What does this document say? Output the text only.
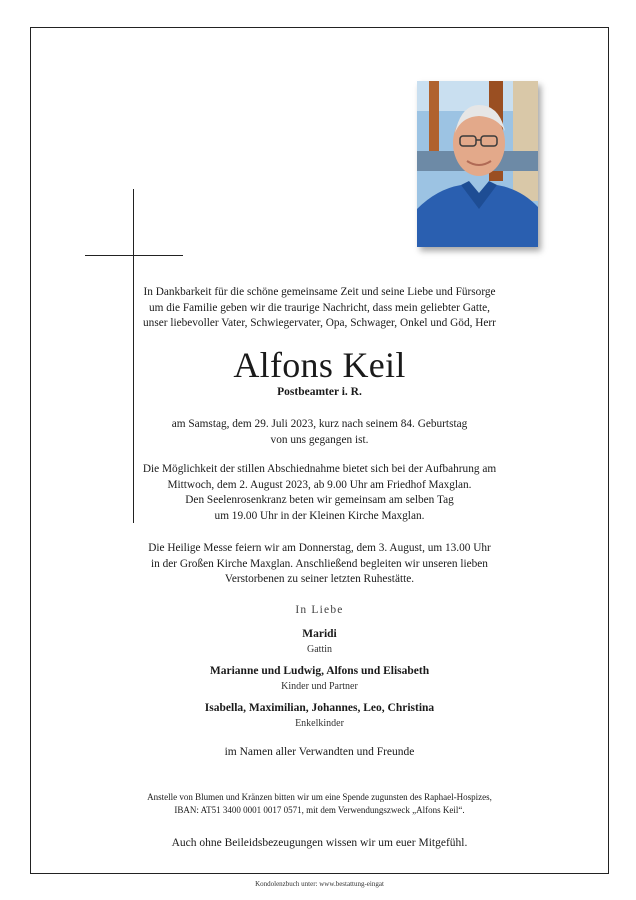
In Dankbarkeit für die schöne gemeinsame Zeit und seine Liebe und Fürsorge
um die Familie geben wir die traurige Nachricht, dass mein geliebter Gatte,
unser liebevoller Vater, Schwiegervater, Opa, Schwager, Onkel und Göd, Herr
Alfons Keil
Postbeamter i. R.
am Samstag, dem 29. Juli 2023, kurz nach seinem 84. Geburtstag
von uns gegangen ist.
Die Möglichkeit der stillen Abschiednahme bietet sich bei der Aufbahrung am
Mittwoch, dem 2. August 2023, ab 9.00 Uhr am Friedhof Maxglan.
Den Seelenrosenkranz beten wir gemeinsam am selben Tag
um 19.00 Uhr in der Kleinen Kirche Maxglan.
Die Heilige Messe feiern wir am Donnerstag, dem 3. August, um 13.00 Uhr
in der Großen Kirche Maxglan. Anschließend begleiten wir unseren lieben
Verstorbenen zu seiner letzten Ruhestätte.
In Liebe
Maridi
Gattin
Marianne und Ludwig, Alfons und Elisabeth
Kinder und Partner
Isabella, Maximilian, Johannes, Leo, Christina
Enkelkinder
im Namen aller Verwandten und Freunde
Anstelle von Blumen und Kränzen bitten wir um eine Spende zugunsten des Raphael-Hospizes,
IBAN: AT51 3400 0001 0017 0571, mit dem Verwendungszweck „Alfons Keil“.
Auch ohne Beileidsbezeugungen wissen wir um euer Mitgefühl.
Kondolenzbuch unter: www.bestattung-eingat
